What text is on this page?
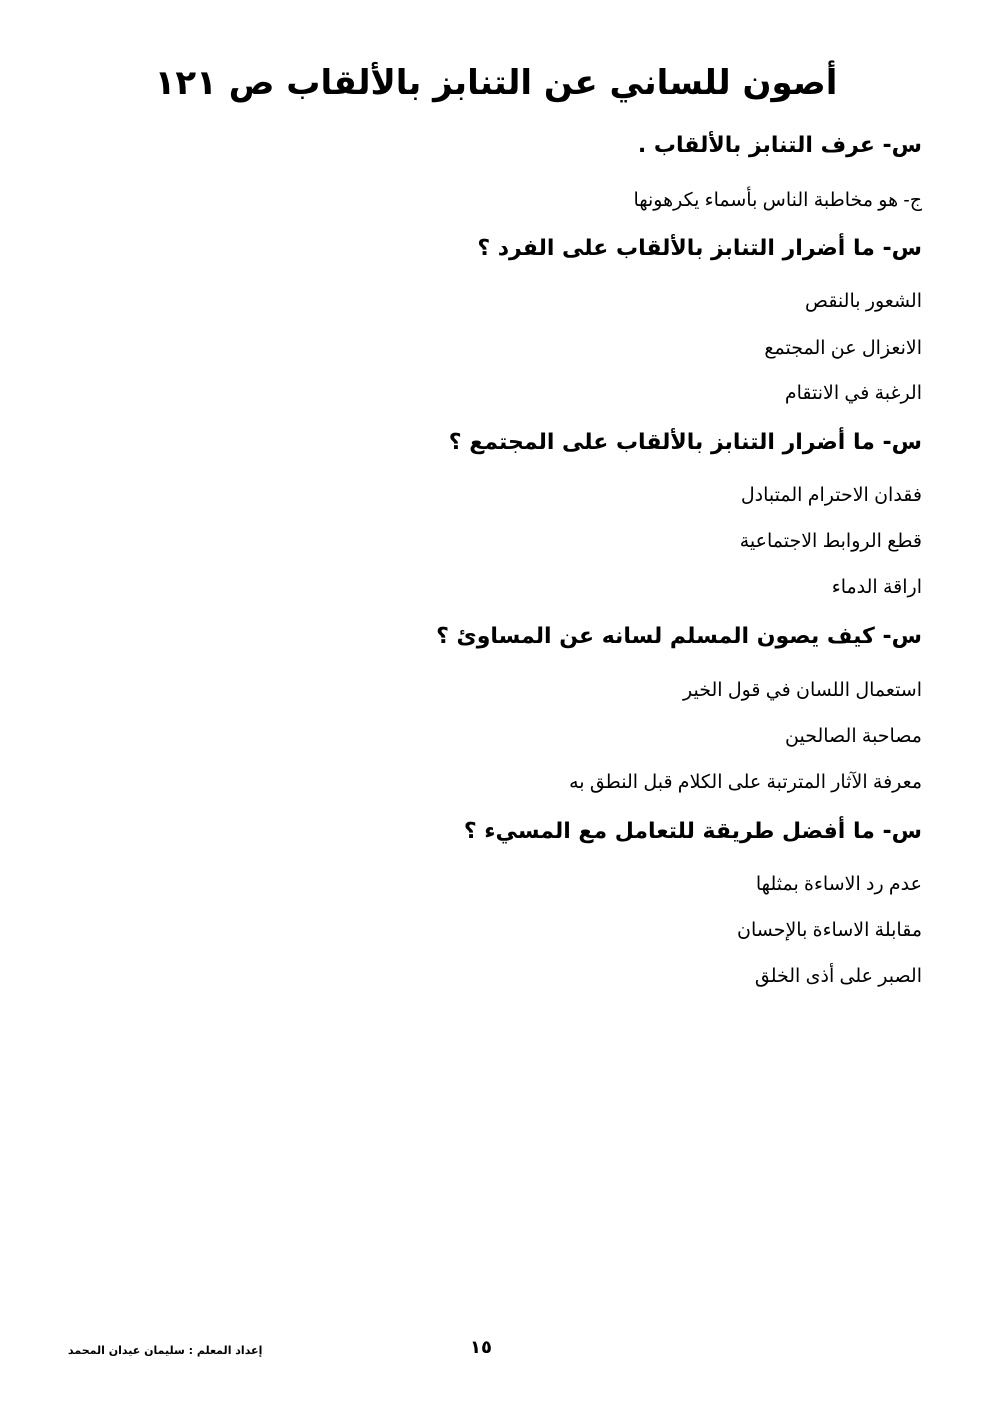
أصون للساني عن التنابز بالألقاب ص ١٢١
س- عرف التنابز بالألقاب .
ج- هو مخاطبة الناس بأسماء يكرهونها
س- ما أضرار التنابز بالألقاب على الفرد ؟
الشعور بالنقص
الانعزال عن المجتمع
الرغبة في الانتقام
س- ما أضرار التنابز بالألقاب على المجتمع ؟
فقدان الاحترام المتبادل
قطع الروابط الاجتماعية
اراقة الدماء
س- كيف يصون المسلم لسانه عن المساوئ ؟
استعمال اللسان في قول الخير
مصاحبة الصالحين
معرفة الآثار المترتبة على الكلام قبل النطق به
س- ما أفضل طريقة للتعامل مع المسيء ؟
عدم رد الاساءة بمثلها
مقابلة الاساءة بالإحسان
الصبر على أذى الخلق
إعداد المعلم : سليمان عيدان المحمد	١٥
